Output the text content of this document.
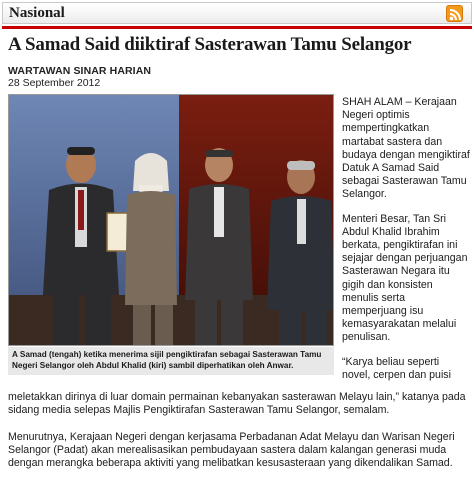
Nasional
A Samad Said diiktiraf Sasterawan Tamu Selangor
WARTAWAN SINAR HARIAN
28 September 2012
A Samad (tengah) ketika menerima sijil pengiktirafan sebagai Sasterawan Tamu Negeri Selangor oleh Abdul Khalid (kiri) sambil diperhatikan oleh Anwar.

SHAH ALAM – Kerajaan Negeri optimis mempertingkatkan martabat sastera dan budaya dengan mengiktiraf Datuk A Samad Said sebagai Sasterawan Tamu Selangor.

Menteri Besar, Tan Sri Abdul Khalid Ibrahim berkata, pengiktirafan ini sejajar dengan perjuangan Sasterawan Negara itu gigih dan konsisten menulis serta memperjuang isu kemasyarakatan melalui penulisan.

“Karya beliau seperti novel, cerpen dan puisi

meletakkan dirinya di luar domain permainan kebanyakan sasterawan Melayu lain,” katanya pada sidang media selepas Majlis Pengiktirafan Sasterawan Tamu Selangor, semalam.
Menurutnya, Kerajaan Negeri dengan kerjasama Perbadanan Adat Melayu dan Warisan Negeri Selangor (Padat) akan merealisasikan pembudayaan sastera dalam kalangan generasi muda dengan merangka beberapa aktiviti yang melibatkan kesusasteraan yang dikendalikan Samad.
